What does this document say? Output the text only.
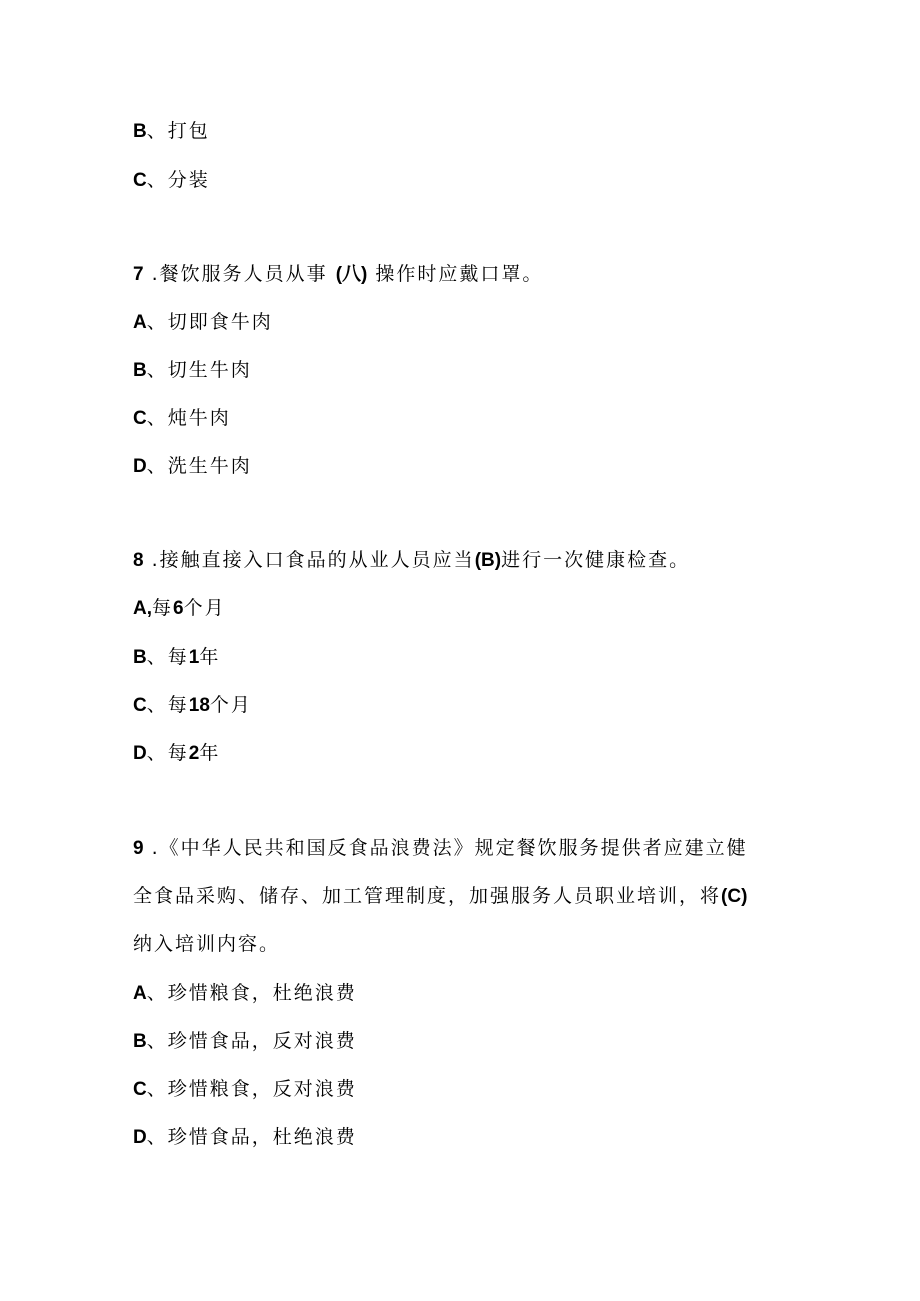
B、打包
C、分装
7 .餐饮服务人员从事 (八) 操作时应戴口罩。
A、切即食牛肉
B、切生牛肉
C、炖牛肉
D、洗生牛肉
8 .接触直接入口食品的从业人员应当(B)进行一次健康检查。
A,每6个月
B、每1年
C、每18个月
D、每2年
9 .《中华人民共和国反食品浪费法》规定餐饮服务提供者应建立健
全食品采购、储存、加工管理制度，加强服务人员职业培训，将(C)
纳入培训内容。
A、珍惜粮食，杜绝浪费
B、珍惜食品，反对浪费
C、珍惜粮食，反对浪费
D、珍惜食品，杜绝浪费
